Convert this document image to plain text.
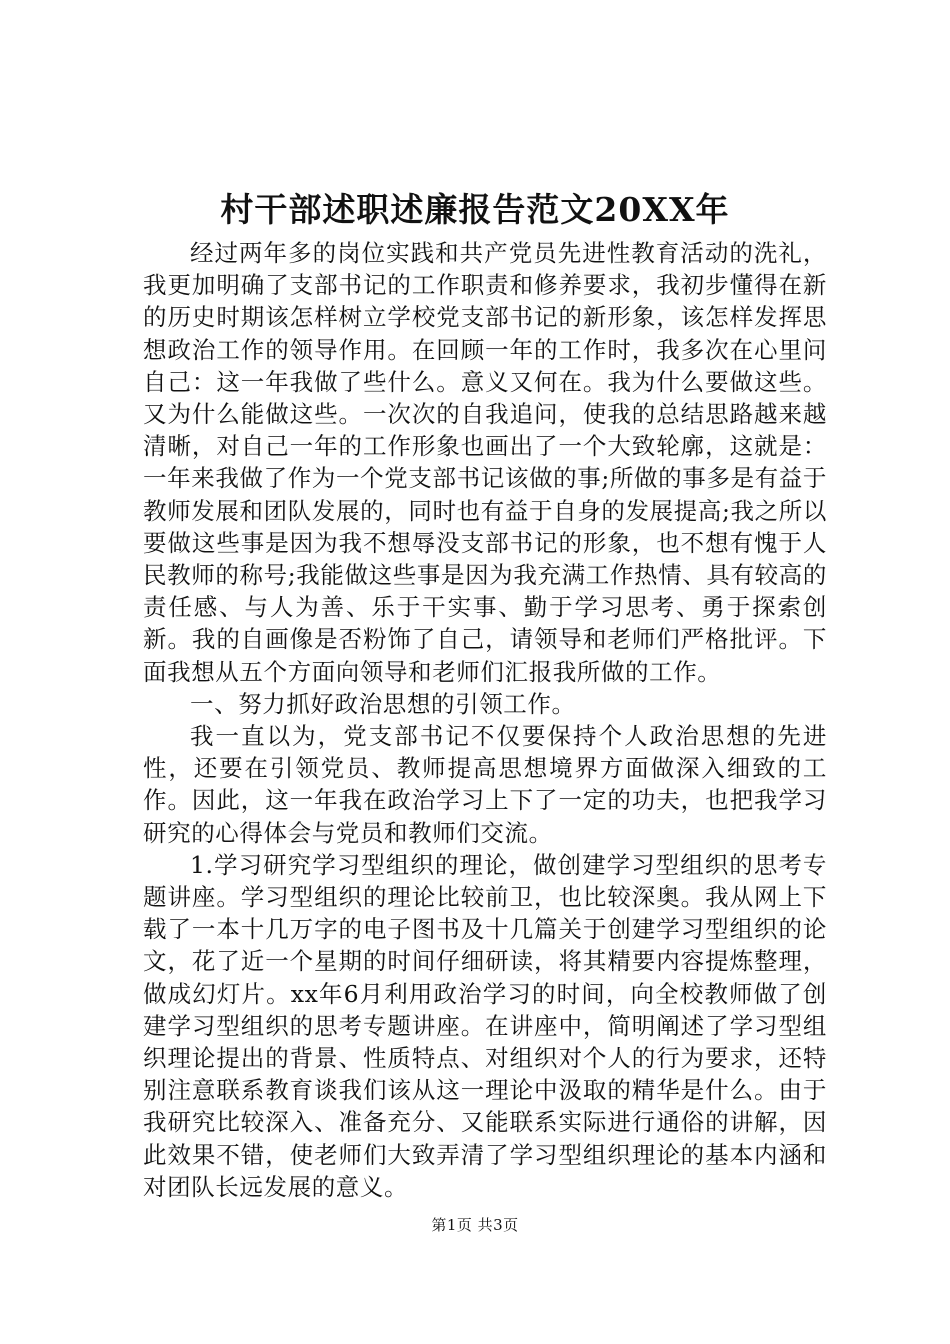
村干部述职述廉报告范文20XX年

经过两年多的岗位实践和共产党员先进性教育活动的洗礼，我更加明确了支部书记的工作职责和修养要求，我初步懂得在新的历史时期该怎样树立学校党支部书记的新形象，该怎样发挥思想政治工作的领导作用。在回顾一年的工作时，我多次在心里问自己：这一年我做了些什么。意义又何在。我为什么要做这些。又为什么能做这些。一次次的自我追问，使我的总结思路越来越清晰，对自己一年的工作形象也画出了一个大致轮廓，这就是：一年来我做了作为一个党支部书记该做的事;所做的事多是有益于教师发展和团队发展的，同时也有益于自身的发展提高;我之所以要做这些事是因为我不想辱没支部书记的形象，也不想有愧于人民教师的称号;我能做这些事是因为我充满工作热情、具有较高的责任感、与人为善、乐于干实事、勤于学习思考、勇于探索创新。我的自画像是否粉饰了自己，请领导和老师们严格批评。下面我想从五个方面向领导和老师们汇报我所做的工作。

一、努力抓好政治思想的引领工作。

我一直以为，党支部书记不仅要保持个人政治思想的先进性，还要在引领党员、教师提高思想境界方面做深入细致的工作。因此，这一年我在政治学习上下了一定的功夫，也把我学习研究的心得体会与党员和教师们交流。

1.学习研究学习型组织的理论，做创建学习型组织的思考专题讲座。学习型组织的理论比较前卫，也比较深奥。我从网上下载了一本十几万字的电子图书及十几篇关于创建学习型组织的论文，花了近一个星期的时间仔细研读，将其精要内容提炼整理，做成幻灯片。xx年6月利用政治学习的时间，向全校教师做了创建学习型组织的思考专题讲座。在讲座中，简明阐述了学习型组织理论提出的背景、性质特点、对组织对个人的行为要求，还特别注意联系教育谈我们该从这一理论中汲取的精华是什么。由于我研究比较深入、准备充分、又能联系实际进行通俗的讲解，因此效果不错，使老师们大致弄清了学习型组织理论的基本内涵和对团队长远发展的意义。

第1页 共3页
